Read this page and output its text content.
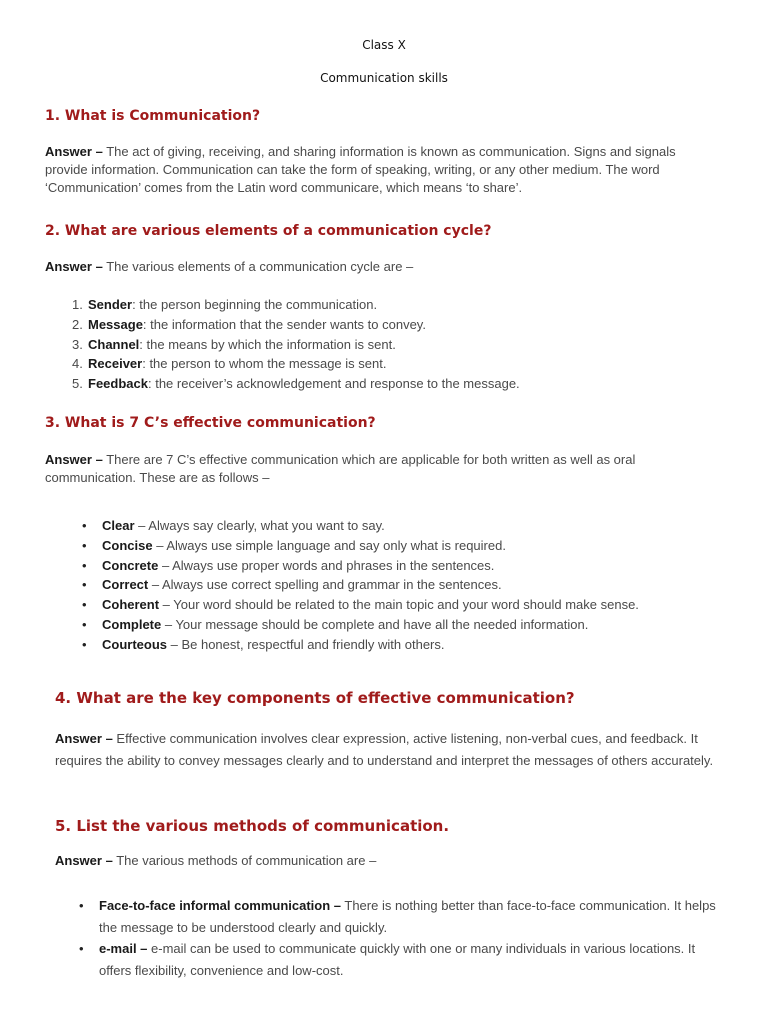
Class X
Communication skills
1. What is Communication?

Answer – The act of giving, receiving, and sharing information is known as communication. Signs and signals provide information. Communication can take the form of speaking, writing, or any other medium. The word ‘Communication’ comes from the Latin word communicare, which means ‘to share’.

2. What are various elements of a communication cycle?

Answer – The various elements of a communication cycle are –

1. Sender: the person beginning the communication.
2. Message: the information that the sender wants to convey.
3. Channel: the means by which the information is sent.
4. Receiver: the person to whom the message is sent.
5. Feedback: the receiver’s acknowledgement and response to the message.
3. What is 7 C’s effective communication?

Answer – There are 7 C’s effective communication which are applicable for both written as well as oral communication. These are as follows –

• Clear – Always say clearly, what you want to say.
• Concise – Always use simple language and say only what is required.
• Concrete – Always use proper words and phrases in the sentences.
• Correct – Always use correct spelling and grammar in the sentences.
• Coherent – Your word should be related to the main topic and your word should make sense.
• Complete – Your message should be complete and have all the needed information.
• Courteous – Be honest, respectful and friendly with others.
4. What are the key components of effective communication?

Answer – Effective communication involves clear expression, active listening, non-verbal cues, and feedback. It requires the ability to convey messages clearly and to understand and interpret the messages of others accurately.

5. List the various methods of communication.

Answer – The various methods of communication are –

• Face-to-face informal communication – There is nothing better than face-to-face communication. It helps the message to be understood clearly and quickly.
• e-mail – e-mail can be used to communicate quickly with one or many individuals in various locations. It offers flexibility, convenience and low-cost.
